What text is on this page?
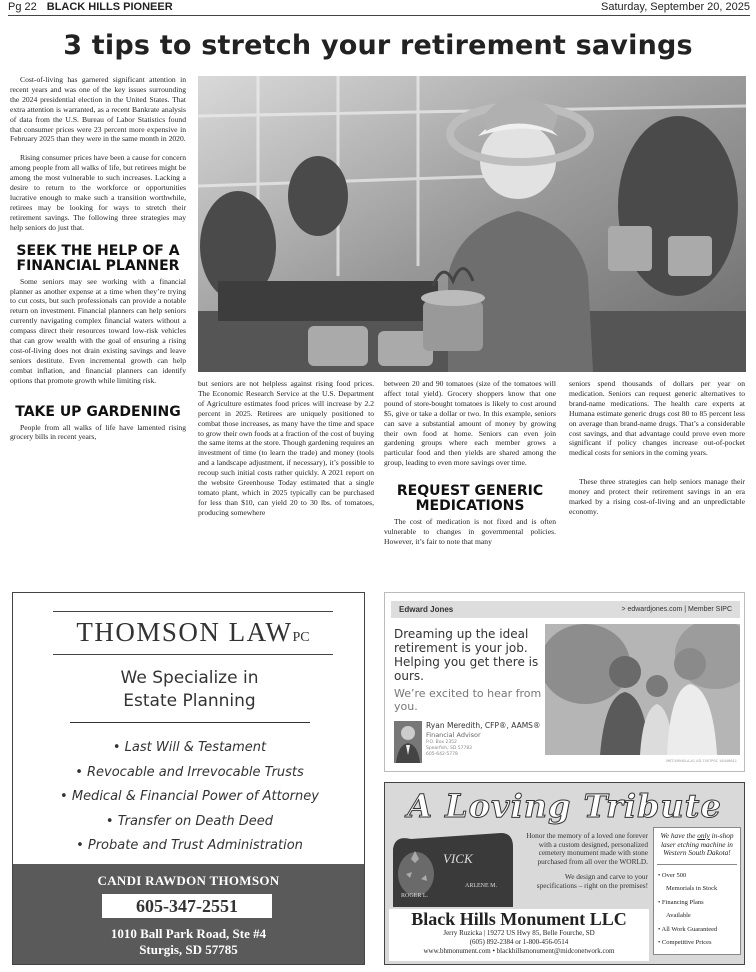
Pg 22 BLACK HILLS PIONEER	Saturday, September 20, 2025
3 tips to stretch your retirement savings

Cost-of-living has garnered significant attention in recent years and was one of the key issues surrounding the 2024 presidential election in the United States. That extra attention is warranted, as a recent Bankrate analysis of data from the U.S. Bureau of Labor Statistics found that consumer prices were 23 percent more expensive in February 2025 than they were in the same month in 2020.

Rising consumer prices have been a cause for concern among people from all walks of life, but retirees might be among the most vulnerable to such increases. Lacking a desire to return to the workforce or opportunities lucrative enough to make such a transition worthwhile, retirees may be looking for ways to stretch their retirement savings. The following three strategies may help seniors do just that.

SEEK THE HELP OF A FINANCIAL PLANNER

Some seniors may see working with a financial planner as another expense at a time when they’re trying to cut costs, but such professionals can provide a notable return on investment. Financial planners can help seniors currently navigating complex financial waters without a compass direct their resources toward low-risk vehicles that can grow wealth with the goal of ensuring a rising cost-of-living does not drain existing savings and leave seniors destitute. Even incremental growth can help combat inflation, and financial planners can identify options that promote growth while limiting risk.

TAKE UP GARDENING

People from all walks of life have lamented rising grocery bills in recent years,

but seniors are not helpless against rising food prices. The Economic Research Service at the U.S. Department of Agriculture estimates food prices will increase by 2.2 percent in 2025. Retirees are uniquely positioned to combat those increases, as many have the time and space to grow their own foods at a fraction of the cost of buying the same items at the store. Though gardening requires an investment of time (to learn the trade) and money (tools and a landscape adjustment, if necessary), it’s possible to recoup such initial costs rather quickly. A 2021 report on the website Greenhouse Today estimated that a single tomato plant, which in 2025 typically can be purchased for less than $10, can yield 20 to 30 lbs. of tomatoes, producing somewhere

between 20 and 90 tomatoes (size of the tomatoes will affect total yield). Grocery shoppers know that one pound of store-bought tomatoes is likely to cost around $5, give or take a dollar or two. In this example, seniors can save a substantial amount of money by growing their own food at home. Seniors can even join gardening groups where each member grows a particular food and then yields are shared among the group, leading to even more savings over time.

REQUEST GENERIC MEDICATIONS

The cost of medication is not fixed and is often vulnerable to changes in governmental policies. However, it’s fair to note that many

seniors spend thousands of dollars per year on medication. Seniors can request generic alternatives to brand-name medications. The health care experts at Humana estimate generic drugs cost 80 to 85 percent less on average than brand-name drugs. That’s a considerable cost savings, and that advantage could prove even more significant if policy changes increase out-of-pocket medical costs for seniors in the coming years.

These three strategies can help seniors manage their money and protect their retirement savings in an era marked by a rising cost-of-living and an unpredictable economy.

THOMSON LAWPC
We Specialize in
Estate Planning
• Last Will & Testament
• Revocable and Irrevocable Trusts
• Medical & Financial Power of Attorney
• Transfer on Death Deed
• Probate and Trust Administration
CANDI RAWDON THOMSON
605-347-2551
1010 Ball Park Road, Ste #4
Sturgis, SD 57785
Edward Jones	> edwardjones.com | Member SIPC
Dreaming up the ideal retirement is your job. Helping you get there is ours.
We’re excited to hear from you.
Ryan Meredith, CFP®, AAMS®
Financial Advisor
P.O. Box 2352
Spearfish, SD 57783
605-642-5778
MKT-5894N-A-A1 AD 7007P0C 16446611
A Loving Tribute
VICK
ROGER L.
ARLENE M.

Honor the memory of a loved one forever with a custom designed, personalized cemetery monument made with stone purchased from all over the WORLD.

We design and carve to your specifications – right on the premises!

We have the only in-shop laser etching machine in Western South Dakota!
• Over 500
Memorials in Stock
• Financing Plans
Available
• All Work Guaranteed
• Competitive Prices
Black Hills Monument LLC
Jerry Ruzicka | 19272 US Hwy 85, Belle Fourche, SD
(605) 892-2384 or 1-800-456-0514
www.bhmonument.com • blackhillsmonument@midconetwork.com
